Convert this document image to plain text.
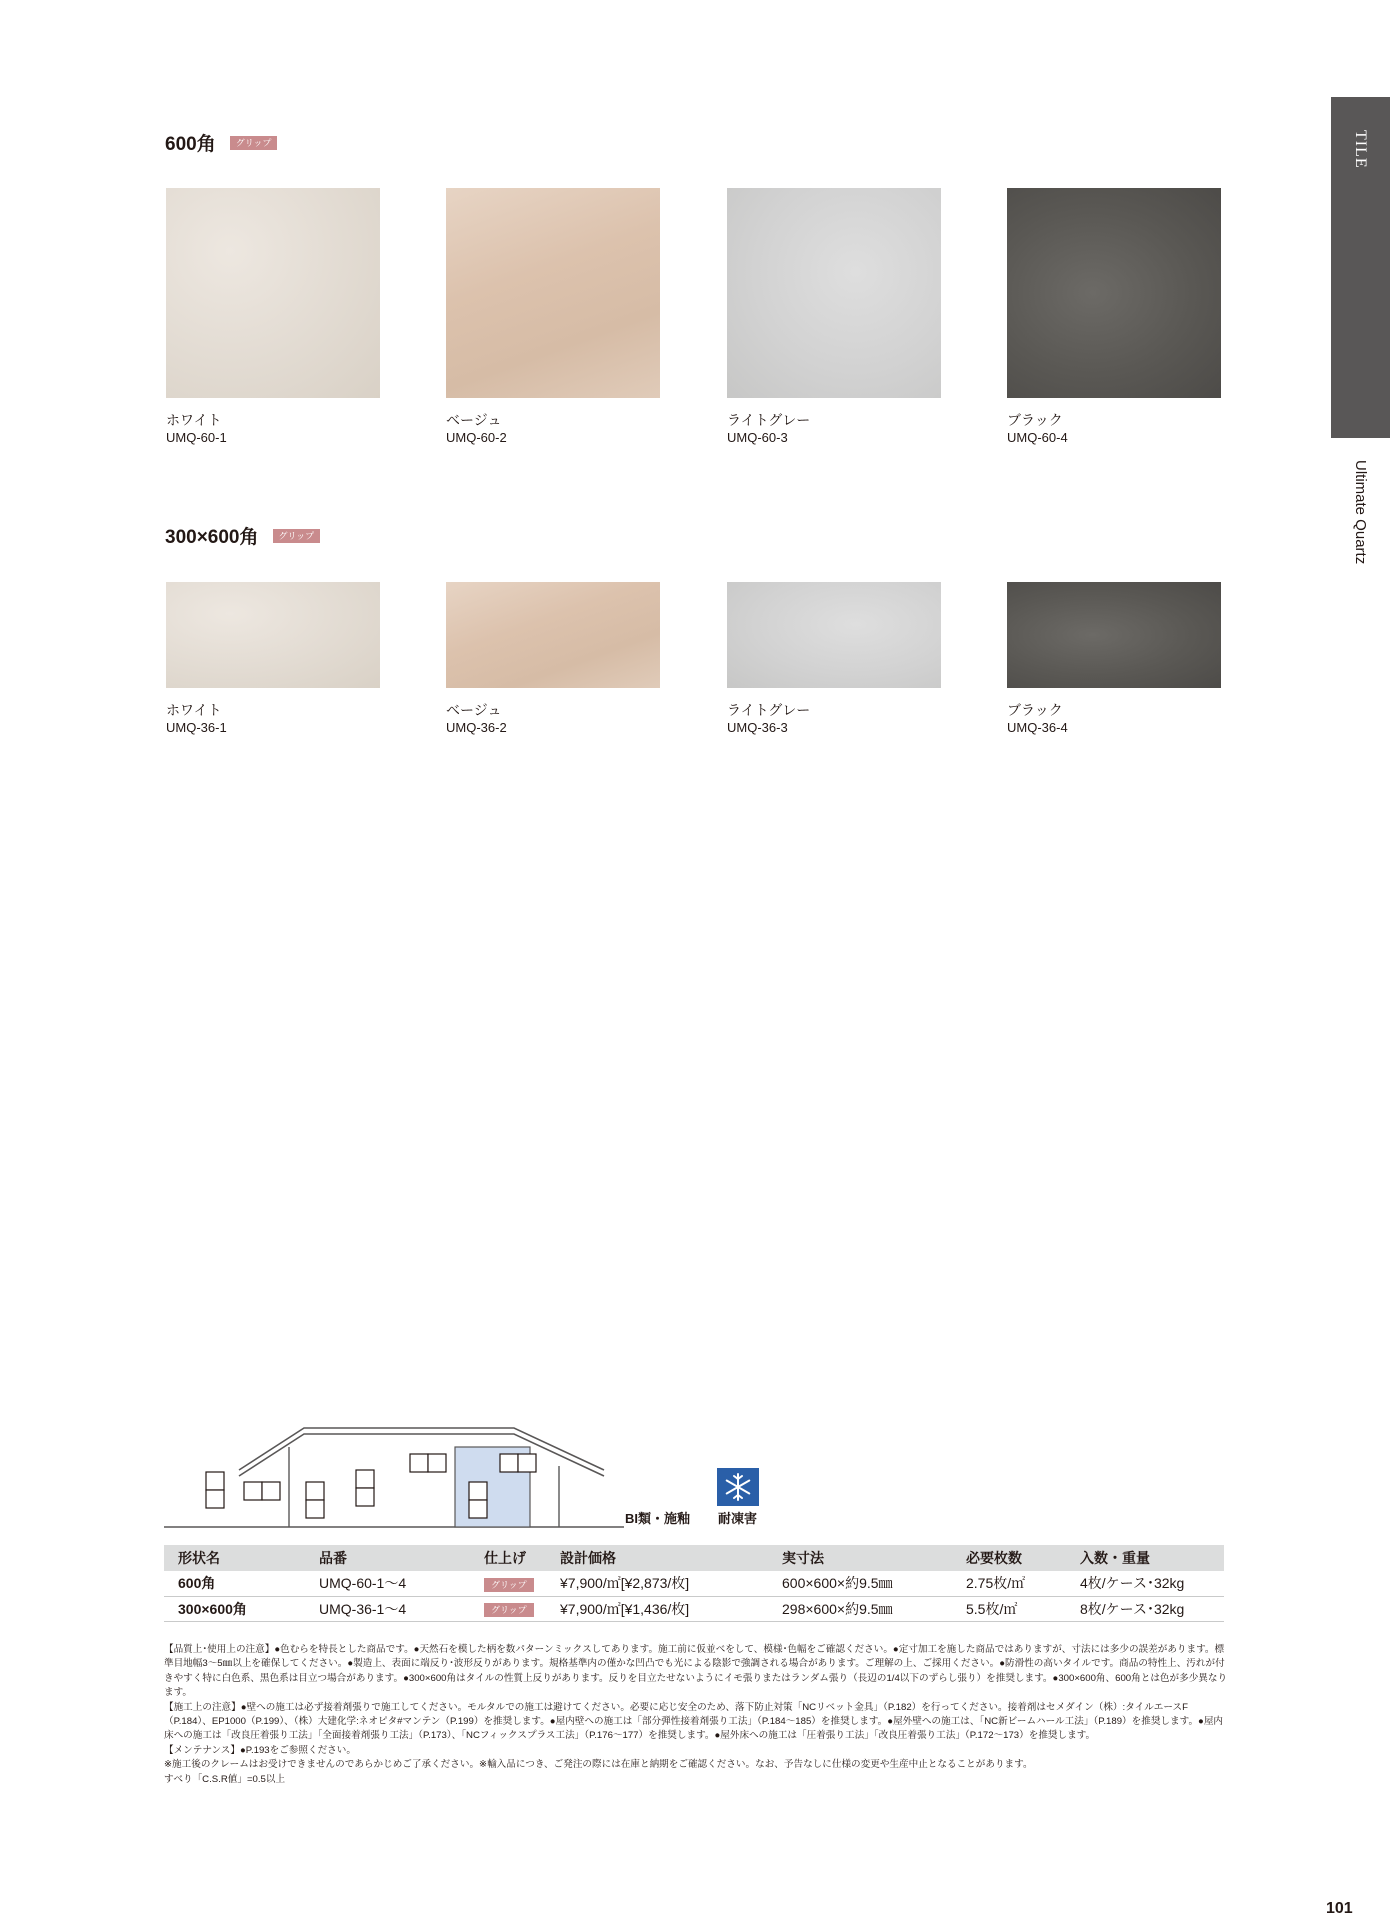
TILE
Ultimate Quartz
600角	グリップ
ホワイト
UMQ-60-1
ベージュ
UMQ-60-2
ライトグレー
UMQ-60-3
ブラック
UMQ-60-4
300×600角	グリップ
ホワイト
UMQ-36-1
ベージュ
UMQ-36-2
ライトグレー
UMQ-36-3
ブラック
UMQ-36-4
BI類・施釉 耐凍害
形状名	品番	仕上げ	設計価格	実寸法	必要枚数	入数・重量
600角	UMQ-60-1～4	グリップ	¥7,900/㎡[¥2,873/枚]	600×600×約9.5㎜	2.75枚/㎡	4枚/ケース･32kg
300×600角	UMQ-36-1～4	グリップ	¥7,900/㎡[¥1,436/枚]	298×600×約9.5㎜	5.5枚/㎡	8枚/ケース･32kg

【品質上･使用上の注意】●色むらを特長とした商品です。●天然石を模した柄を数パターンミックスしてあります。施工前に仮並べをして、模様･色幅をご確認ください。●定寸加工を施した商品ではありますが、寸法には多少の誤差があります。標準目地幅3～5㎜以上を確保してください。●製造上、表面に端反り･波形反りがあります。規格基準内の僅かな凹凸でも光による陰影で強調される場合があります。ご理解の上、ご採用ください。●防滑性の高いタイルです。商品の特性上、汚れが付きやすく特に白色系、黒色系は目立つ場合があります。●300×600角はタイルの性質上反りがあります。反りを目立たせないようにイモ張りまたはランダム張り（長辺の1/4以下のずらし張り）を推奨します。●300×600角、600角とは色が多少異なります。

【施工上の注意】●壁への施工は必ず接着剤張りで施工してください。モルタルでの施工は避けてください。必要に応じ安全のため、落下防止対策「NCリベット金具」（P.182）を行ってください。接着剤はセメダイン（株）:タイルエースF（P.184）、EP1000（P.199）、（株）大建化学:ネオピタ#マンテン（P.199）を推奨します。●屋内壁への施工は「部分弾性接着剤張り工法」（P.184～185）を推奨します。●屋外壁への施工は、「NC新ビームハール工法」（P.189）を推奨します。●屋内床への施工は「改良圧着張り工法」「全面接着剤張り工法」（P.173）、「NCフィックスプラス工法」（P.176～177）を推奨します。●屋外床への施工は「圧着張り工法」「改良圧着張り工法」（P.172～173）を推奨します。

【メンテナンス】●P.193をご参照ください。

※施工後のクレームはお受けできませんのであらかじめご了承ください。※輸入品につき、ご発注の際には在庫と納期をご確認ください。なお、予告なしに仕様の変更や生産中止となることがあります。

すべり「C.S.R値」=0.5以上

101
